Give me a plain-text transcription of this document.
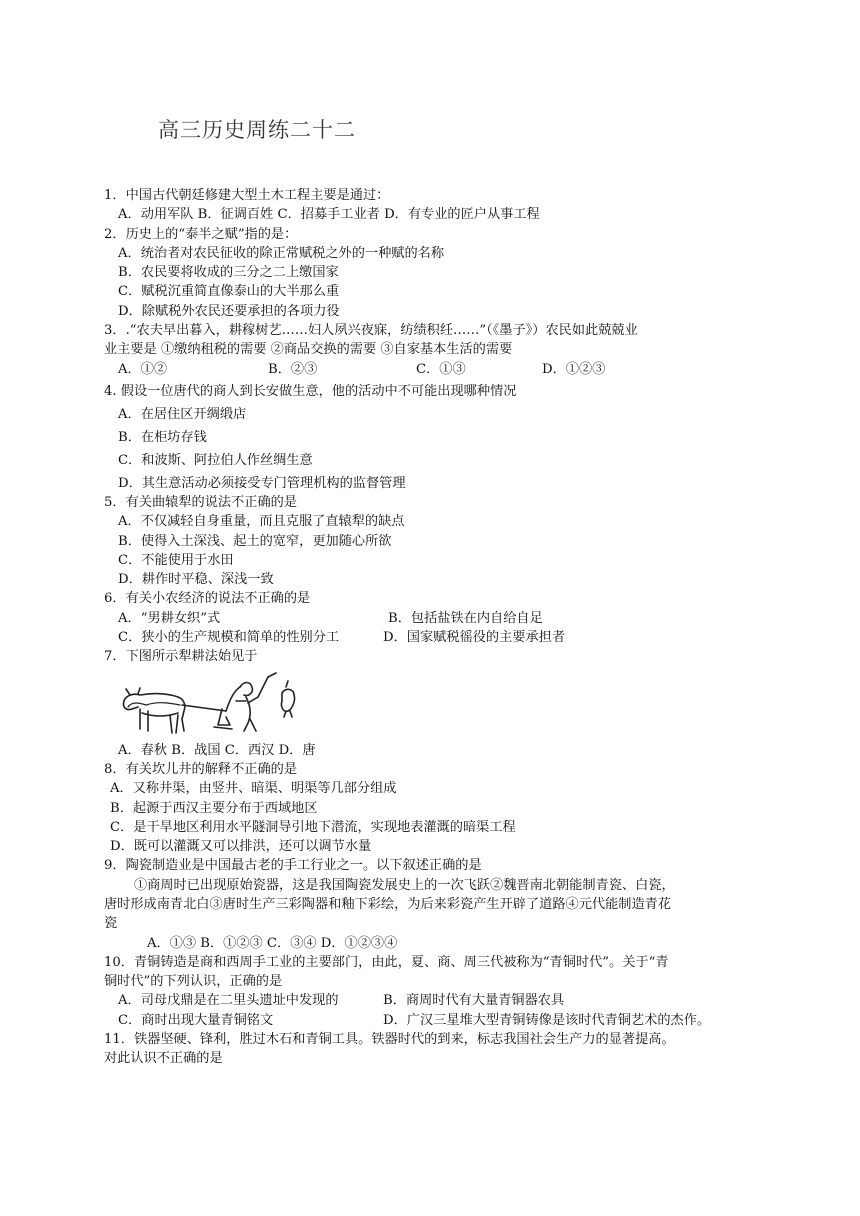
高三历史周练二十二
1．中国古代朝廷修建大型土木工程主要是通过：
A．动用军队 B．征调百姓 C．招募手工业者 D．有专业的匠户从事工程
2．历史上的“泰半之赋”指的是：
A．统治者对农民征收的除正常赋税之外的一种赋的名称
B．农民要将收成的三分之二上缴国家
C．赋税沉重简直像泰山的大半那么重
D．除赋税外农民还要承担的各项力役
3．.“农夫早出暮入，耕稼树艺……妇人夙兴夜寐，纺绩积纴……”（《墨子》）农民如此兢兢业
业主要是 ①缴纳租税的需要 ②商品交换的需要 ③自家基本生活的需要
A．①②	B．②③	C．①③	D．①②③
4. 假设一位唐代的商人到长安做生意，他的活动中不可能出现哪种情况
A．在居住区开绸缎店
B．在柜坊存钱
C．和波斯、阿拉伯人作丝绸生意
D．其生意活动必须接受专门管理机构的监督管理
5．有关曲辕犁的说法不正确的是
A．不仅减轻自身重量，而且克服了直辕犁的缺点
B．使得入土深浅、起土的宽窄，更加随心所欲
C．不能使用于水田
D．耕作时平稳、深浅一致
6．有关小农经济的说法不正确的是
A．“男耕女织”式	B．包括盐铁在内自给自足
C．狭小的生产规模和简单的性别分工	D．国家赋税徭役的主要承担者
7．下图所示犁耕法始见于
A．春秋 B．战国 C．西汉 D．唐
8．有关坎儿井的解释不正确的是
A．又称井渠，由竖井、暗渠、明渠等几部分组成
B．起源于西汉主要分布于西域地区
C．是干旱地区利用水平隧洞导引地下潜流，实现地表灌溉的暗渠工程
D．既可以灌溉又可以排洪，还可以调节水量
9．陶瓷制造业是中国最古老的手工行业之一。以下叙述正确的是
①商周时已出现原始瓷器，这是我国陶瓷发展史上的一次飞跃②魏晋南北朝能制青瓷、白瓷，
唐时形成南青北白③唐时生产三彩陶器和釉下彩绘，为后来彩瓷产生开辟了道路④元代能制造青花
瓷
A．①③ B．①②③ C．③④ D．①②③④
10．青铜铸造是商和西周手工业的主要部门，由此，夏、商、周三代被称为“青铜时代”。关于“青
铜时代”的下列认识，正确的是
A．司母戊鼎是在二里头遗址中发现的	B．商周时代有大量青铜器农具
C．商时出现大量青铜铭文	D．广汉三星堆大型青铜铸像是该时代青铜艺术的杰作。
11．铁器坚硬、锋利，胜过木石和青铜工具。铁器时代的到来，标志我国社会生产力的显著提高。
对此认识不正确的是
